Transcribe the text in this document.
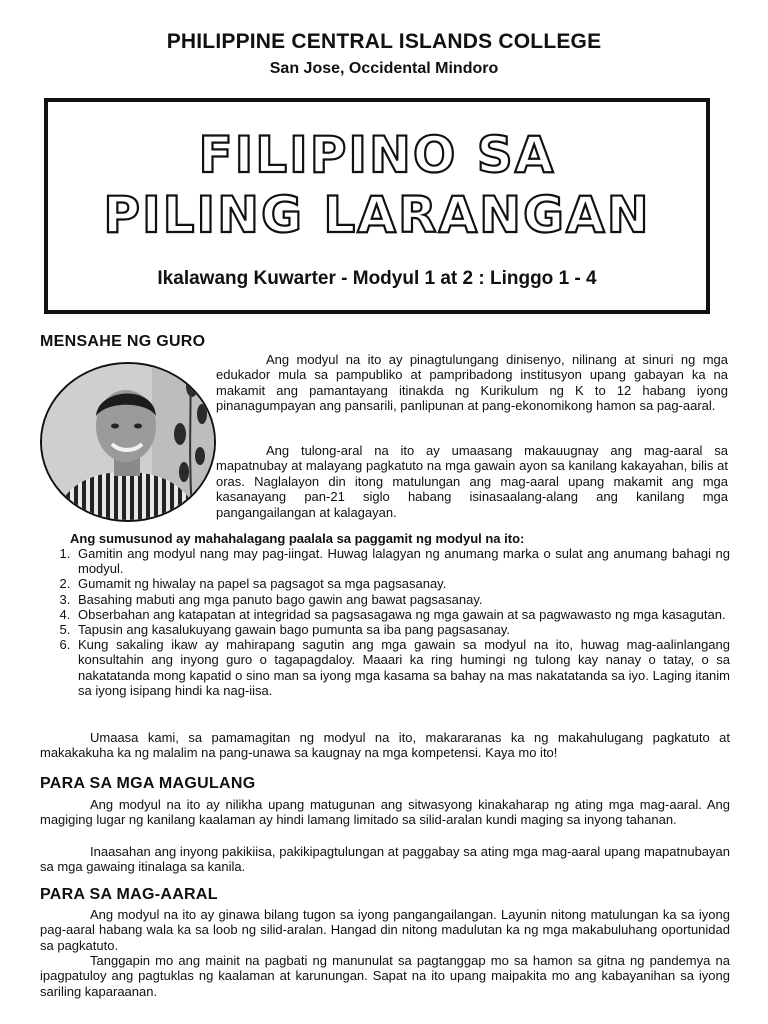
PHILIPPINE CENTRAL ISLANDS COLLEGE
San Jose, Occidental Mindoro
FILIPINO SA
PILING LARANGAN
Ikalawang Kuwarter - Modyul 1 at 2 : Linggo 1 - 4
MENSAHE NG GURO

Ang modyul na ito ay pinagtulungang dinisenyo, nilinang at sinuri ng mga edukador mula sa pampubliko at pampribadong institusyon upang gabayan ka na makamit ang pamantayang itinakda ng Kurikulum ng K to 12 habang iyong pinanagumpayan ang pansarili, panlipunan at pang-ekonomikong hamon sa pag-aaral.

Ang tulong-aral na ito ay umaasang makauugnay ang mag-aaral sa mapatnubay at malayang pagkatuto na mga gawain ayon sa kanilang kakayahan, bilis at oras. Naglalayon din itong matulungan ang mag-aaral upang makamit ang mga kasanayang pan-21 siglo habang isinasaalang-alang ang kanilang mga pangangailangan at kalagayan.

Ang sumusunod ay mahahalagang paalala sa paggamit ng modyul na ito:

1. Gamitin ang modyul nang may pag-iingat. Huwag lalagyan ng anumang marka o sulat ang anumang bahagi ng modyul.
2. Gumamit ng hiwalay na papel sa pagsagot sa mga pagsasanay.
3. Basahing mabuti ang mga panuto bago gawin ang bawat pagsasanay.
4. Obserbahan ang katapatan at integridad sa pagsasagawa ng mga gawain at sa pagwawasto ng mga kasagutan.
5. Tapusin ang kasalukuyang gawain bago pumunta sa iba pang pagsasanay.
6. Kung sakaling ikaw ay mahirapang sagutin ang mga gawain sa modyul na ito, huwag mag-aalinlangang konsultahin ang inyong guro o tagapagdaloy. Maaari ka ring humingi ng tulong kay nanay o tatay, o sa nakatatanda mong kapatid o sino man sa iyong mga kasama sa bahay na mas nakatatanda sa iyo. Laging itanim sa iyong isipang hindi ka nag-iisa.

Umaasa kami, sa pamamagitan ng modyul na ito, makararanas ka ng makahulugang pagkatuto at makakakuha ka ng malalim na pang-unawa sa kaugnay na mga kompetensi. Kaya mo ito!

PARA SA MGA MAGULANG

Ang modyul na ito ay nilikha upang matugunan ang sitwasyong kinakaharap ng ating mga mag-aaral. Ang magiging lugar ng kanilang kaalaman ay hindi lamang limitado sa silid-aralan kundi maging sa inyong tahanan.

Inaasahan ang inyong pakikiisa, pakikipagtulungan at paggabay sa ating mga mag-aaral upang mapatnubayan sa mga gawaing itinalaga sa kanila.

PARA SA MAG-AARAL

Ang modyul na ito ay ginawa bilang tugon sa iyong pangangailangan. Layunin nitong matulungan ka sa iyong pag-aaral habang wala ka sa loob ng silid-aralan. Hangad din nitong madulutan ka ng mga makabuluhang oportunidad sa pagkatuto.

Tanggapin mo ang mainit na pagbati ng manunulat sa pagtanggap mo sa hamon sa gitna ng pandemya na ipagpatuloy ang pagtuklas ng kaalaman at karunungan. Sapat na ito upang maipakita mo ang kabayanihan sa iyong sariling kaparaanan.
